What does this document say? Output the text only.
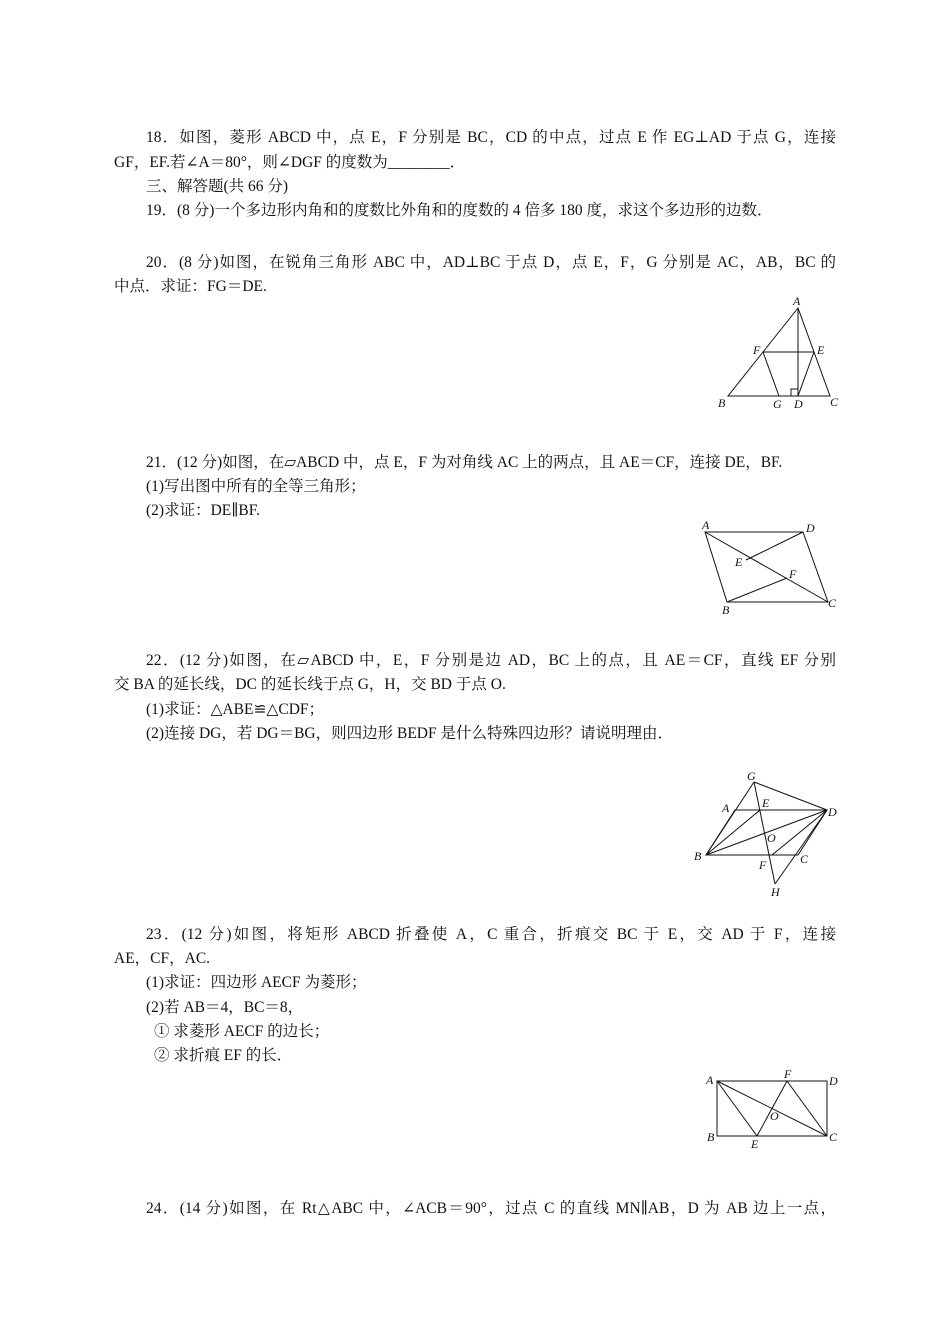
18．如图，菱形 ABCD 中，点 E，F 分别是 BC，CD 的中点，过点 E 作 EG⊥AD 于点 G，连接
GF，EF.若∠A＝80°，则∠DGF 的度数为________．
三、解答题(共 66 分)
19．(8 分)一个多边形内角和的度数比外角和的度数的 4 倍多 180 度，求这个多边形的边数．
20．(8 分)如图，在锐角三角形 ABC 中，AD⊥BC 于点 D，点 E，F，G 分别是 AC，AB，BC 的
中点．求证：FG＝DE.
A
B	C
D
E
F
G
21．(12 分)如图，在▱ABCD 中，点 E，F 为对角线 AC 上的两点，且 AE＝CF，连接 DE，BF.
(1)写出图中所有的全等三角形；
(2)求证：DE∥BF.
A	D
E
F
B	C
22．(12 分)如图，在▱ABCD 中，E，F 分别是边 AD，BC 上的点，且 AE＝CF，直线 EF 分别
交 BA 的延长线，DC 的延长线于点 G，H，交 BD 于点 O.
(1)求证：△ABE≌△CDF；
(2)连接 DG，若 DG＝BG，则四边形 BEDF 是什么特殊四边形？请说明理由．
G
A	E
D
O
B
F	C
H
23．(12 分)如图，将矩形 ABCD 折叠使 A，C 重合，折痕交 BC 于 E，交 AD 于 F，连接
AE，CF，AC.
(1)求证：四边形 AECF 为菱形；
(2)若 AB＝4，BC＝8，
① 求菱形 AECF 的边长；
② 求折痕 EF 的长．
A	F	D
O
B	E	C
24．(14 分)如图，在 Rt△ABC 中，∠ACB＝90°，过点 C 的直线 MN∥AB，D 为 AB 边上一点，
